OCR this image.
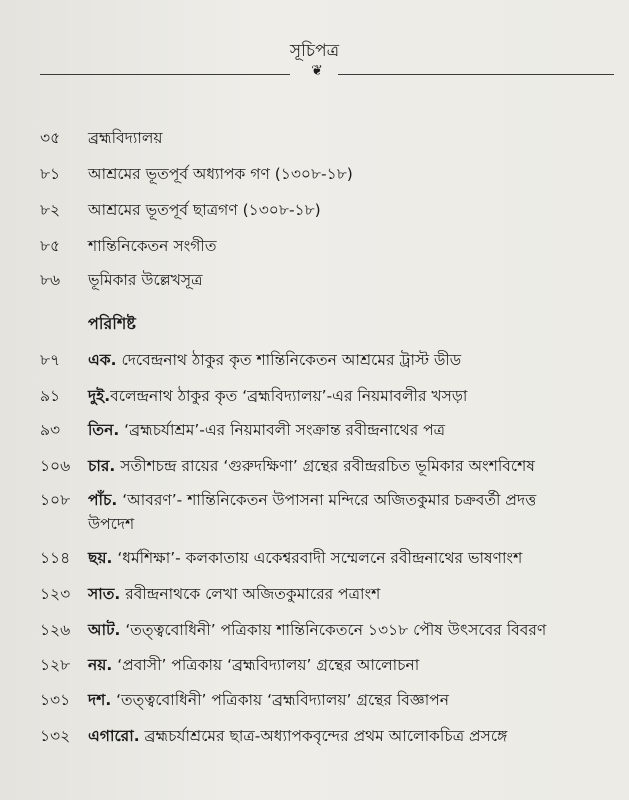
সূচিপত্র
❦
৩৫	ব্রহ্মবিদ্যালয়
৮১	আশ্রমের ভূতপূর্ব অধ্যাপক গণ (১৩০৮-১৮)
৮২	আশ্রমের ভূতপূর্ব ছাত্রগণ (১৩০৮-১৮)
৮৫	শান্তিনিকেতন সংগীত
৮৬	ভূমিকার উল্লেখসূত্র
পরিশিষ্ট
৮৭	এক. দেবেন্দ্রনাথ ঠাকুর কৃত শান্তিনিকেতন আশ্রমের ট্রাস্ট ডীড
৯১	দুই.বলেন্দ্রনাথ ঠাকুর কৃত ‘ব্রহ্মবিদ্যালয়’-এর নিয়মাবলীর খসড়া
৯৩	তিন. ‘ব্রহ্মচর্যাশ্রম’-এর নিয়মাবলী সংক্রান্ত রবীন্দ্রনাথের পত্র
১০৬	চার. সতীশচন্দ্র রায়ের ‘গুরুদক্ষিণা’ গ্রন্থের রবীন্দ্ররচিত ভূমিকার অংশবিশেষ
১০৮	পাঁচ. ‘আবরণ’- শান্তিনিকেতন উপাসনা মন্দিরে অজিতকুমার চক্রবর্তী প্রদত্ত
উপদেশ
১১৪	ছয়. ‘ধর্মশিক্ষা’- কলকাতায় একেশ্বরবাদী সম্মেলনে রবীন্দ্রনাথের ভাষণাংশ
১২৩	সাত. রবীন্দ্রনাথকে লেখা অজিতকুমারের পত্রাংশ
১২৬	আট. ‘তত্ত্ববোধিনী’ পত্রিকায় শান্তিনিকেতনে ১৩১৮ পৌষ উৎসবের বিবরণ
১২৮	নয়. ‘প্রবাসী’ পত্রিকায় ‘ব্রহ্মবিদ্যালয়’ গ্রন্থের আলোচনা
১৩১	দশ. ‘তত্ত্ববোধিনী’ পত্রিকায় ‘ব্রহ্মবিদ্যালয়’ গ্রন্থের বিজ্ঞাপন
১৩২	এগারো. ব্রহ্মচর্যাশ্রমের ছাত্র-অধ্যাপকবৃন্দের প্রথম আলোকচিত্র প্রসঙ্গে
